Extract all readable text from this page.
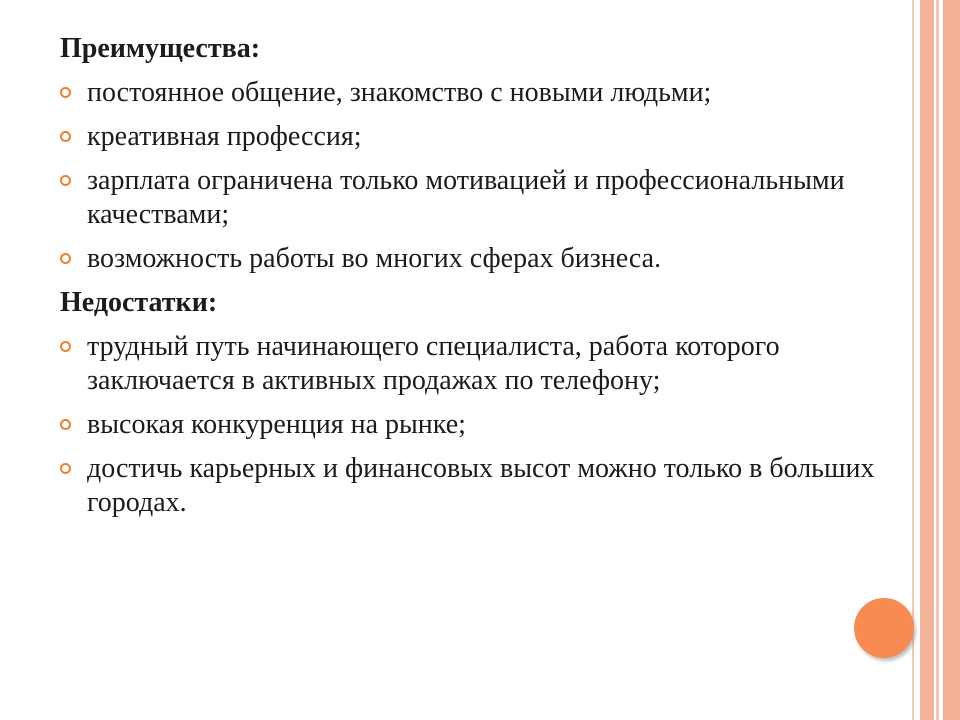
Преимущества:
постоянное общение, знакомство с новыми людьми;
креативная профессия;
зарплата ограничена только мотивацией и профессиональными качествами;
возможность работы во многих сферах бизнеса.
Недостатки:
трудный путь начинающего специалиста, работа которого заключается в активных продажах по телефону;
высокая конкуренция на рынке;
достичь карьерных и финансовых высот можно только в больших городах.
